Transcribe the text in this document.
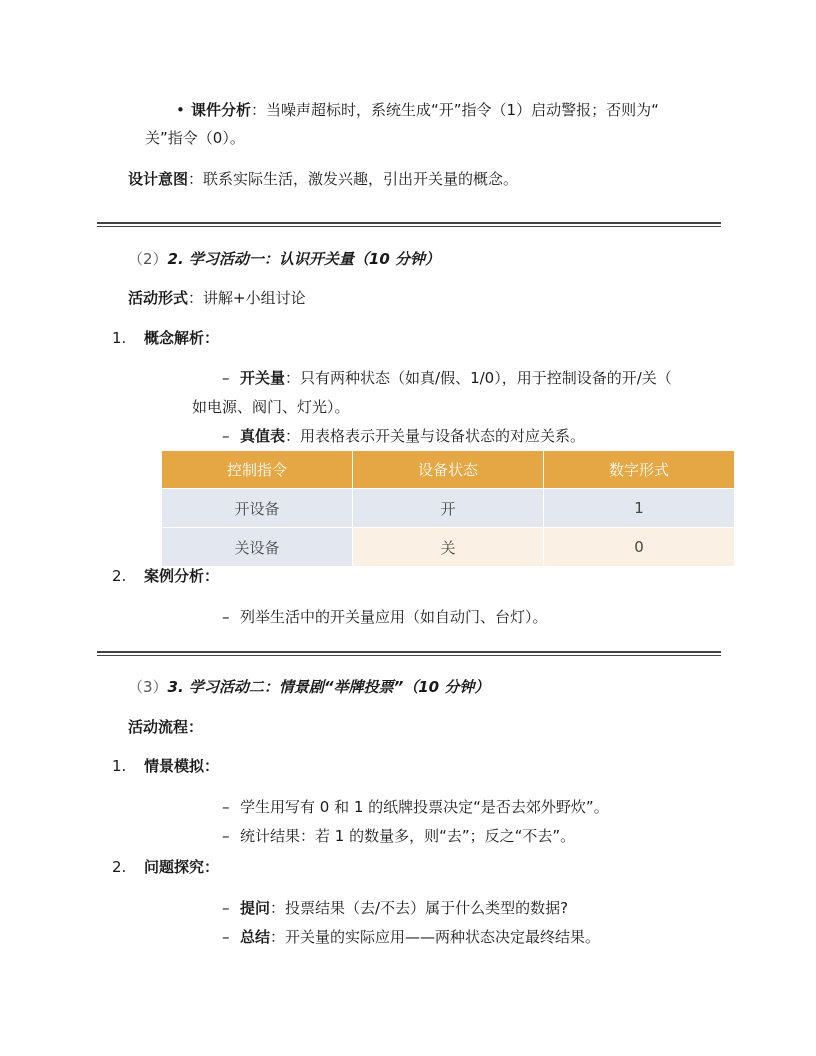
• 课件分析：当噪声超标时，系统生成“开”指令（1）启动警报；否则为“
关”指令（0）。
设计意图：联系实际生活，激发兴趣，引出开关量的概念。
（2）2. 学习活动一：认识开关量（10 分钟）
活动形式：讲解+小组讨论
1. 概念解析：
– 开关量：只有两种状态（如真/假、1/0），用于控制设备的开/关（
如电源、阀门、灯光）。
– 真值表：用表格表示开关量与设备状态的对应关系。
控制指令	设备状态	数字形式
开设备	开	1
关设备	关	0
2. 案例分析：
– 列举生活中的开关量应用（如自动门、台灯）。
（3）3. 学习活动二：情景剧“举牌投票”（10 分钟）
活动流程：
1. 情景模拟：
– 学生用写有 0 和 1 的纸牌投票决定“是否去郊外野炊”。
– 统计结果：若 1 的数量多，则“去”；反之“不去”。
2. 问题探究：
– 提问：投票结果（去/不去）属于什么类型的数据?
– 总结：开关量的实际应用——两种状态决定最终结果。
